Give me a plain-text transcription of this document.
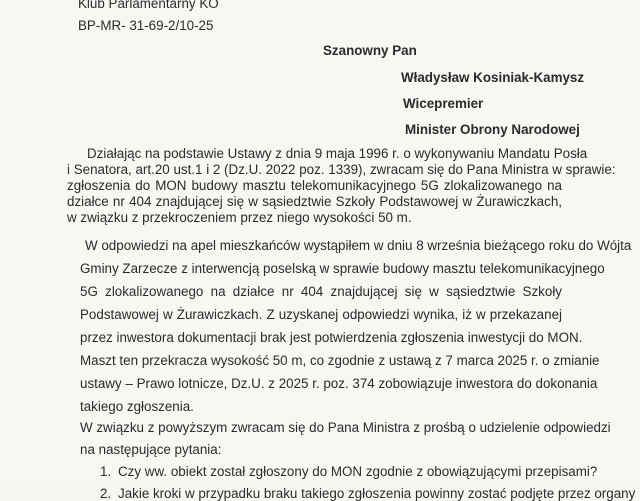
Klub Parlamentarny KO
BP-MR- 31-69-2/10-25
Szanowny Pan
Władysław Kosiniak-Kamysz
Wicepremier
Minister Obrony Narodowej
Działając na podstawie Ustawy z dnia 9 maja 1996 r. o wykonywaniu Mandatu Posła
i Senatora, art.20 ust.1 i 2 (Dz.U. 2022 poz. 1339), zwracam się do Pana Ministra w sprawie:
zgłoszenia do MON budowy masztu telekomunikacyjnego 5G zlokalizowanego na
działce nr 404 znajdującej się w sąsiedztwie Szkoły Podstawowej w Żurawiczkach,
w związku z przekroczeniem przez niego wysokości 50 m.
W odpowiedzi na apel mieszkańców wystąpiłem w dniu 8 września bieżącego roku do Wójta
Gminy Zarzecze z interwencją poselską w sprawie budowy masztu telekomunikacyjnego
5G zlokalizowanego na działce nr 404 znajdującej się w sąsiedztwie Szkoły
Podstawowej w Żurawiczkach. Z uzyskanej odpowiedzi wynika, iż w przekazanej
przez inwestora dokumentacji brak jest potwierdzenia zgłoszenia inwestycji do MON.
Maszt ten przekracza wysokość 50 m, co zgodnie z ustawą z 7 marca 2025 r. o zmianie
ustawy – Prawo lotnicze, Dz.U. z 2025 r. poz. 374 zobowiązuje inwestora do dokonania
takiego zgłoszenia.
W związku z powyższym zwracam się do Pana Ministra z prośbą o udzielenie odpowiedzi
na następujące pytania:
1. Czy ww. obiekt został zgłoszony do MON zgodnie z obowiązującymi przepisami?
2. Jakie kroki w przypadku braku takiego zgłoszenia powinny zostać podjęte przez organy
